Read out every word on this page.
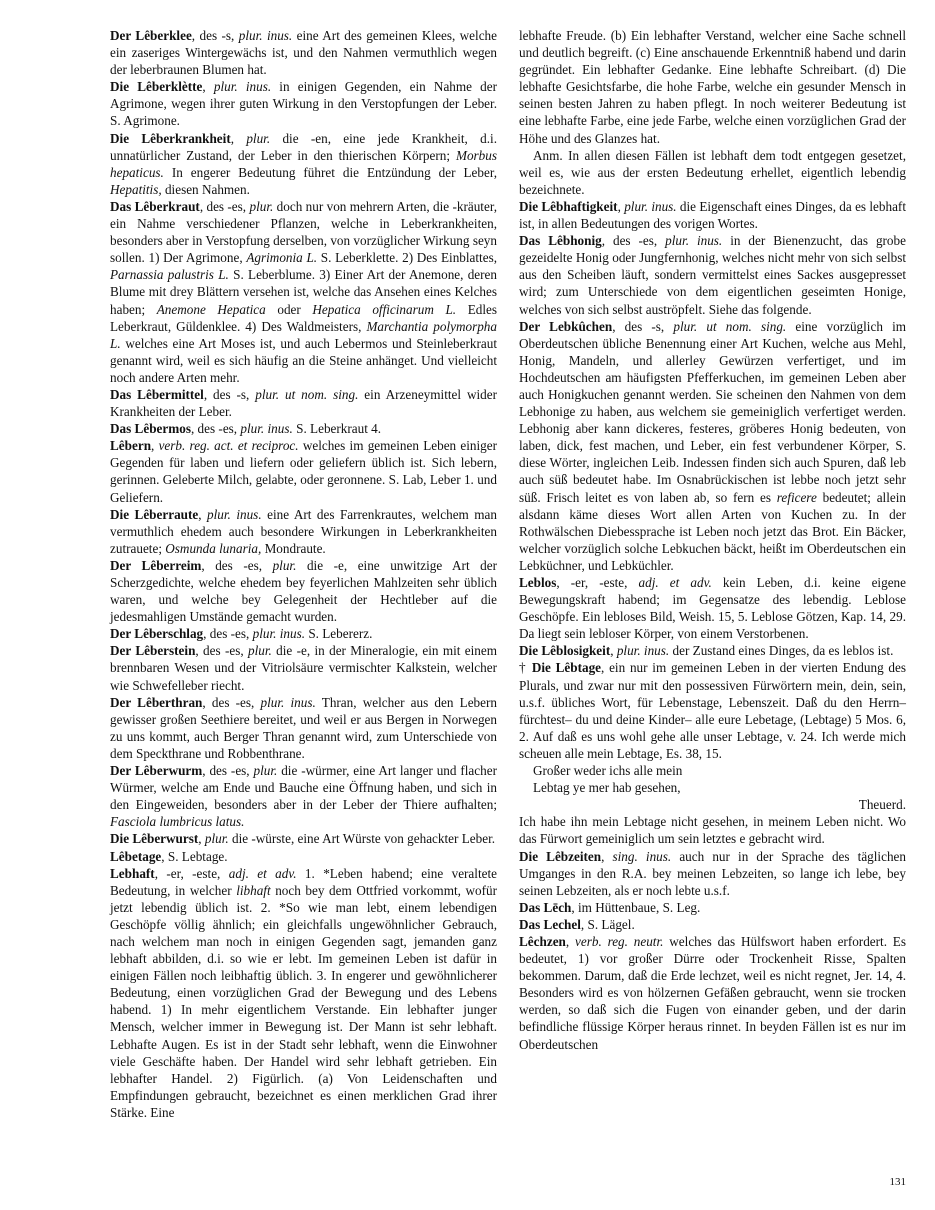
Der Lêberklee, des -s, plur. inus. eine Art des gemeinen Klees, welche ein zaseriges Wintergewächs ist, und den Nahmen vermuthlich wegen der leberbraunen Blumen hat.

Die Lêberklètte, plur. inus. in einigen Gegenden, ein Nahme der Agrimone, wegen ihrer guten Wirkung in den Verstopfungen der Leber. S. Agrimone.

Die Lêberkrankheit, plur. die -en, eine jede Krankheit, d.i. unnatürlicher Zustand, der Leber in den thierischen Körpern; Morbus hepaticus. In engerer Bedeutung führet die Entzündung der Leber, Hepatitis, diesen Nahmen.

Das Lêberkraut, des -es, plur. doch nur von mehrern Arten, die -kräuter, ein Nahme verschiedener Pflanzen, welche in Leberkrankheiten, besonders aber in Verstopfung derselben, von vorzüglicher Wirkung seyn sollen. 1) Der Agrimone, Agrimonia L. S. Leberklette. 2) Des Einblattes, Parnassia palustris L. S. Leberblume. 3) Einer Art der Anemone, deren Blume mit drey Blättern versehen ist, welche das Ansehen eines Kelches haben; Anemone Hepatica oder Hepatica officinarum L. Edles Leberkraut, Güldenklee. 4) Des Waldmeisters, Marchantia polymorpha L. welches eine Art Moses ist, und auch Lebermos und Steinleberkraut genannt wird, weil es sich häufig an die Steine anhänget. Und vielleicht noch andere Arten mehr.

Das Lêbermittel, des -s, plur. ut nom. sing. ein Arzeneymittel wider Krankheiten der Leber.

Das Lêbermos, des -es, plur. inus. S. Leberkraut 4.

Lêbern, verb. reg. act. et reciproc. welches im gemeinen Leben einiger Gegenden für laben und liefern oder geliefern üblich ist. Sich lebern, gerinnen. Geleberte Milch, gelabte, oder geronnene. S. Lab, Leber 1. und Geliefern.

Die Lêberraute, plur. inus. eine Art des Farrenkrautes, welchem man vermuthlich ehedem auch besondere Wirkungen in Leberkrankheiten zutrauete; Osmunda lunaria, Mondraute.

Der Lêberreim, des -es, plur. die -e, eine unwitzige Art der Scherzgedichte, welche ehedem bey feyerlichen Mahlzeiten sehr üblich waren, und welche bey Gelegenheit der Hechtleber auf die jedesmahligen Umstände gemacht wurden.

Der Lêberschlag, des -es, plur. inus. S. Lebererz.

Der Lêberstein, des -es, plur. die -e, in der Mineralogie, ein mit einem brennbaren Wesen und der Vitriolsäure vermischter Kalkstein, welcher wie Schwefelleber riecht.

Der Lêberthran, des -es, plur. inus. Thran, welcher aus den Lebern gewisser großen Seethiere bereitet, und weil er aus Bergen in Norwegen zu uns kommt, auch Berger Thran genannt wird, zum Unterschiede von dem Speckthrane und Robbenthrane.

Der Lêberwurm, des -es, plur. die -würmer, eine Art langer und flacher Würmer, welche am Ende und Bauche eine Öffnung haben, und sich in den Eingeweiden, besonders aber in der Leber der Thiere aufhalten; Fasciola lumbricus latus.

Die Lêberwurst, plur. die -würste, eine Art Würste von gehackter Leber.

Lêbetage, S. Lebtage.

Lebhaft, -er, -este, adj. et adv. 1. *Leben habend; eine veraltete Bedeutung, in welcher libhaft noch bey dem Ottfried vorkommt, wofür jetzt lebendig üblich ist. 2. *So wie man lebt, einem lebendigen Geschöpfe völlig ähnlich; ein gleichfalls ungewöhnlicher Gebrauch, nach welchem man noch in einigen Gegenden sagt, jemanden ganz lebhaft abbilden, d.i. so wie er lebt. Im gemeinen Leben ist dafür in einigen Fällen noch leibhaftig üblich. 3. In engerer und gewöhnlicherer Bedeutung, einen vorzüglichen Grad der Bewegung und des Lebens habend. 1) In mehr eigentlichem Verstande. Ein lebhafter junger Mensch, welcher immer in Bewegung ist. Der Mann ist sehr lebhaft. Lebhafte Augen. Es ist in der Stadt sehr lebhaft, wenn die Einwohner viele Geschäfte haben. Der Handel wird sehr lebhaft getrieben. Ein lebhafter Handel. 2) Figürlich. (a) Von Leidenschaften und Empfindungen gebraucht, bezeichnet es einen merklichen Grad ihrer Stärke. Eine

lebhafte Freude. (b) Ein lebhafter Verstand, welcher eine Sache schnell und deutlich begreift. (c) Eine anschauende Erkenntniß habend und darin gegründet. Ein lebhafter Gedanke. Eine lebhafte Schreibart. (d) Die lebhafte Gesichtsfarbe, die hohe Farbe, welche ein gesunder Mensch in seinen besten Jahren zu haben pflegt. In noch weiterer Bedeutung ist eine lebhafte Farbe, eine jede Farbe, welche einen vorzüglichen Grad der Höhe und des Glanzes hat.

Anm. In allen diesen Fällen ist lebhaft dem todt entgegen gesetzet, weil es, wie aus der ersten Bedeutung erhellet, eigentlich lebendig bezeichnete.

Die Lêbhaftigkeit, plur. inus. die Eigenschaft eines Dinges, da es lebhaft ist, in allen Bedeutungen des vorigen Wortes.

Das Lêbhonig, des -es, plur. inus. in der Bienenzucht, das grobe gezeidelte Honig oder Jungfernhonig, welches nicht mehr von sich selbst aus den Scheiben läuft, sondern vermittelst eines Sackes ausgepresset wird; zum Unterschiede von dem eigentlichen geseimten Honige, welches von sich selbst auströpfelt. Siehe das folgende.

Der Lebkûchen, des -s, plur. ut nom. sing. eine vorzüglich im Oberdeutschen übliche Benennung einer Art Kuchen, welche aus Mehl, Honig, Mandeln, und allerley Gewürzen verfertiget, und im Hochdeutschen am häufigsten Pfefferkuchen, im gemeinen Leben aber auch Honigkuchen genannt werden. Sie scheinen den Nahmen von dem Lebhonige zu haben, aus welchem sie gemeiniglich verfertiget werden. Lebhonig aber kann dickeres, festeres, gröberes Honig bedeuten, von laben, dick, fest machen, und Leber, ein fest verbundener Körper, S. diese Wörter, ingleichen Leib. Indessen finden sich auch Spuren, daß leb auch süß bedeutet habe. Im Osnabrückischen ist lebbe noch jetzt sehr süß. Frisch leitet es von laben ab, so fern es reficere bedeutet; allein alsdann käme dieses Wort allen Arten von Kuchen zu. In der Rothwälschen Diebessprache ist Leben noch jetzt das Brot. Ein Bäcker, welcher vorzüglich solche Lebkuchen bäckt, heißt im Oberdeutschen ein Lebküchner, und Lebküchler.

Leblos, -er, -este, adj. et adv. kein Leben, d.i. keine eigene Bewegungskraft habend; im Gegensatze des lebendig. Leblose Geschöpfe. Ein lebloses Bild, Weish. 15, 5. Leblose Götzen, Kap. 14, 29. Da liegt sein lebloser Körper, von einem Verstorbenen.

Die Lêblosigkeit, plur. inus. der Zustand eines Dinges, da es leblos ist.

† Die Lêbtage, ein nur im gemeinen Leben in der vierten Endung des Plurals, und zwar nur mit den possessiven Fürwörtern mein, dein, sein, u.s.f. übliches Wort, für Lebenstage, Lebenszeit. Daß du den Herrn– fürchtest– du und deine Kinder– alle eure Lebetage, (Lebtage) 5 Mos. 6, 2. Auf daß es uns wohl gehe alle unser Lebtage, v. 24. Ich werde mich scheuen alle mein Lebtage, Es. 38, 15.

Großer weder ichs alle mein

Lebtag ye mer hab gesehen,

Theuerd.

Ich habe ihn mein Lebtage nicht gesehen, in meinem Leben nicht. Wo das Fürwort gemeiniglich um sein letztes e gebracht wird.

Die Lêbzeiten, sing. inus. auch nur in der Sprache des täglichen Umganges in den R.A. bey meinen Lebzeiten, so lange ich lebe, bey seinen Lebzeiten, als er noch lebte u.s.f.

Das Lēch, im Hüttenbaue, S. Leg.

Das Lechel, S. Lägel.

Lêchzen, verb. reg. neutr. welches das Hülfswort haben erfordert. Es bedeutet, 1) vor großer Dürre oder Trockenheit Risse, Spalten bekommen. Darum, daß die Erde lechzet, weil es nicht regnet, Jer. 14, 4. Besonders wird es von hölzernen Gefäßen gebraucht, wenn sie trocken werden, so daß sich die Fugen von einander geben, und der darin befindliche flüssige Körper heraus rinnet. In beyden Fällen ist es nur im Oberdeutschen

131
